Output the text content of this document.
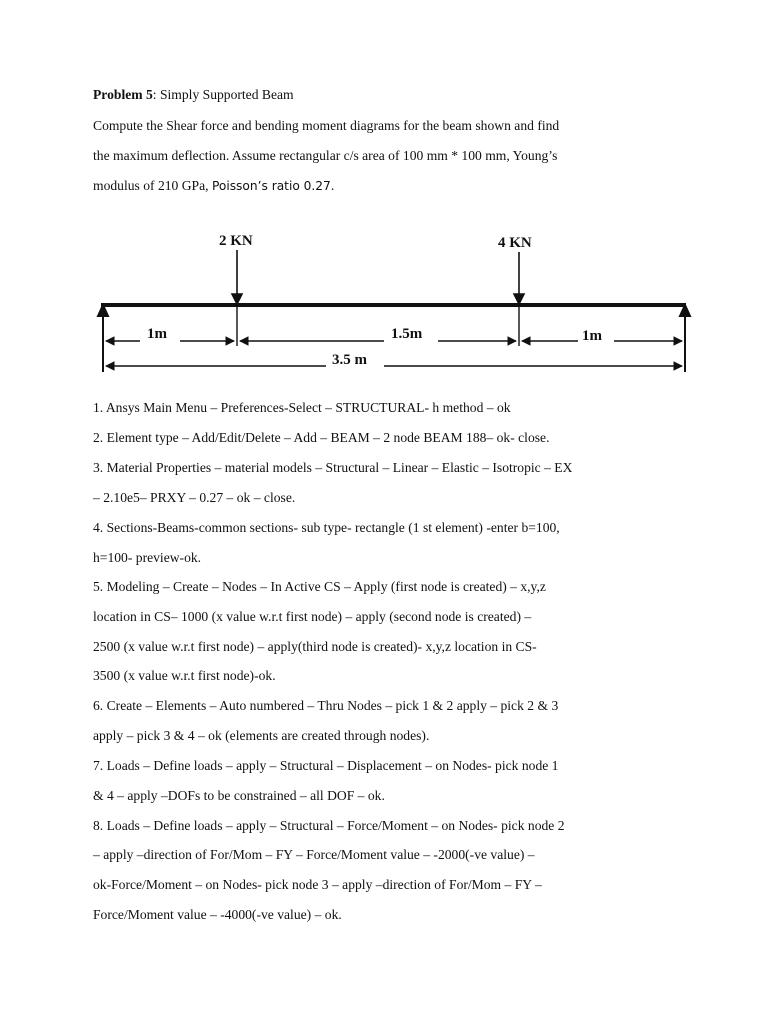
Problem 5: Simply Supported Beam
Compute the Shear force and bending moment diagrams for the beam shown and find
the maximum deflection. Assume rectangular c/s area of 100 mm * 100 mm, Young’s
modulus of 210 GPa, Poisson’s ratio 0.27.
2 KN	4 KN
1m	1.5m	1m
3.5 m
1. Ansys Main Menu – Preferences-Select – STRUCTURAL- h method – ok
2. Element type – Add/Edit/Delete – Add – BEAM – 2 node BEAM 188– ok- close.
3. Material Properties – material models – Structural – Linear – Elastic – Isotropic – EX
– 2.10e5– PRXY – 0.27 – ok – close.
4. Sections-Beams-common sections- sub type- rectangle (1 st element) -enter b=100,
h=100- preview-ok.
5. Modeling – Create – Nodes – In Active CS – Apply (first node is created) – x,y,z
location in CS– 1000 (x value w.r.t first node) – apply (second node is created) –
2500 (x value w.r.t first node) – apply(third node is created)- x,y,z location in CS-
3500 (x value w.r.t first node)-ok.
6. Create – Elements – Auto numbered – Thru Nodes – pick 1 & 2 apply – pick 2 & 3
apply – pick 3 & 4 – ok (elements are created through nodes).
7. Loads – Define loads – apply – Structural – Displacement – on Nodes- pick node 1
& 4 – apply –DOFs to be constrained – all DOF – ok.
8. Loads – Define loads – apply – Structural – Force/Moment – on Nodes- pick node 2
– apply –direction of For/Mom – FY – Force/Moment value – -2000(-ve value) –
ok-Force/Moment – on Nodes- pick node 3 – apply –direction of For/Mom – FY –
Force/Moment value – -4000(-ve value) – ok.
